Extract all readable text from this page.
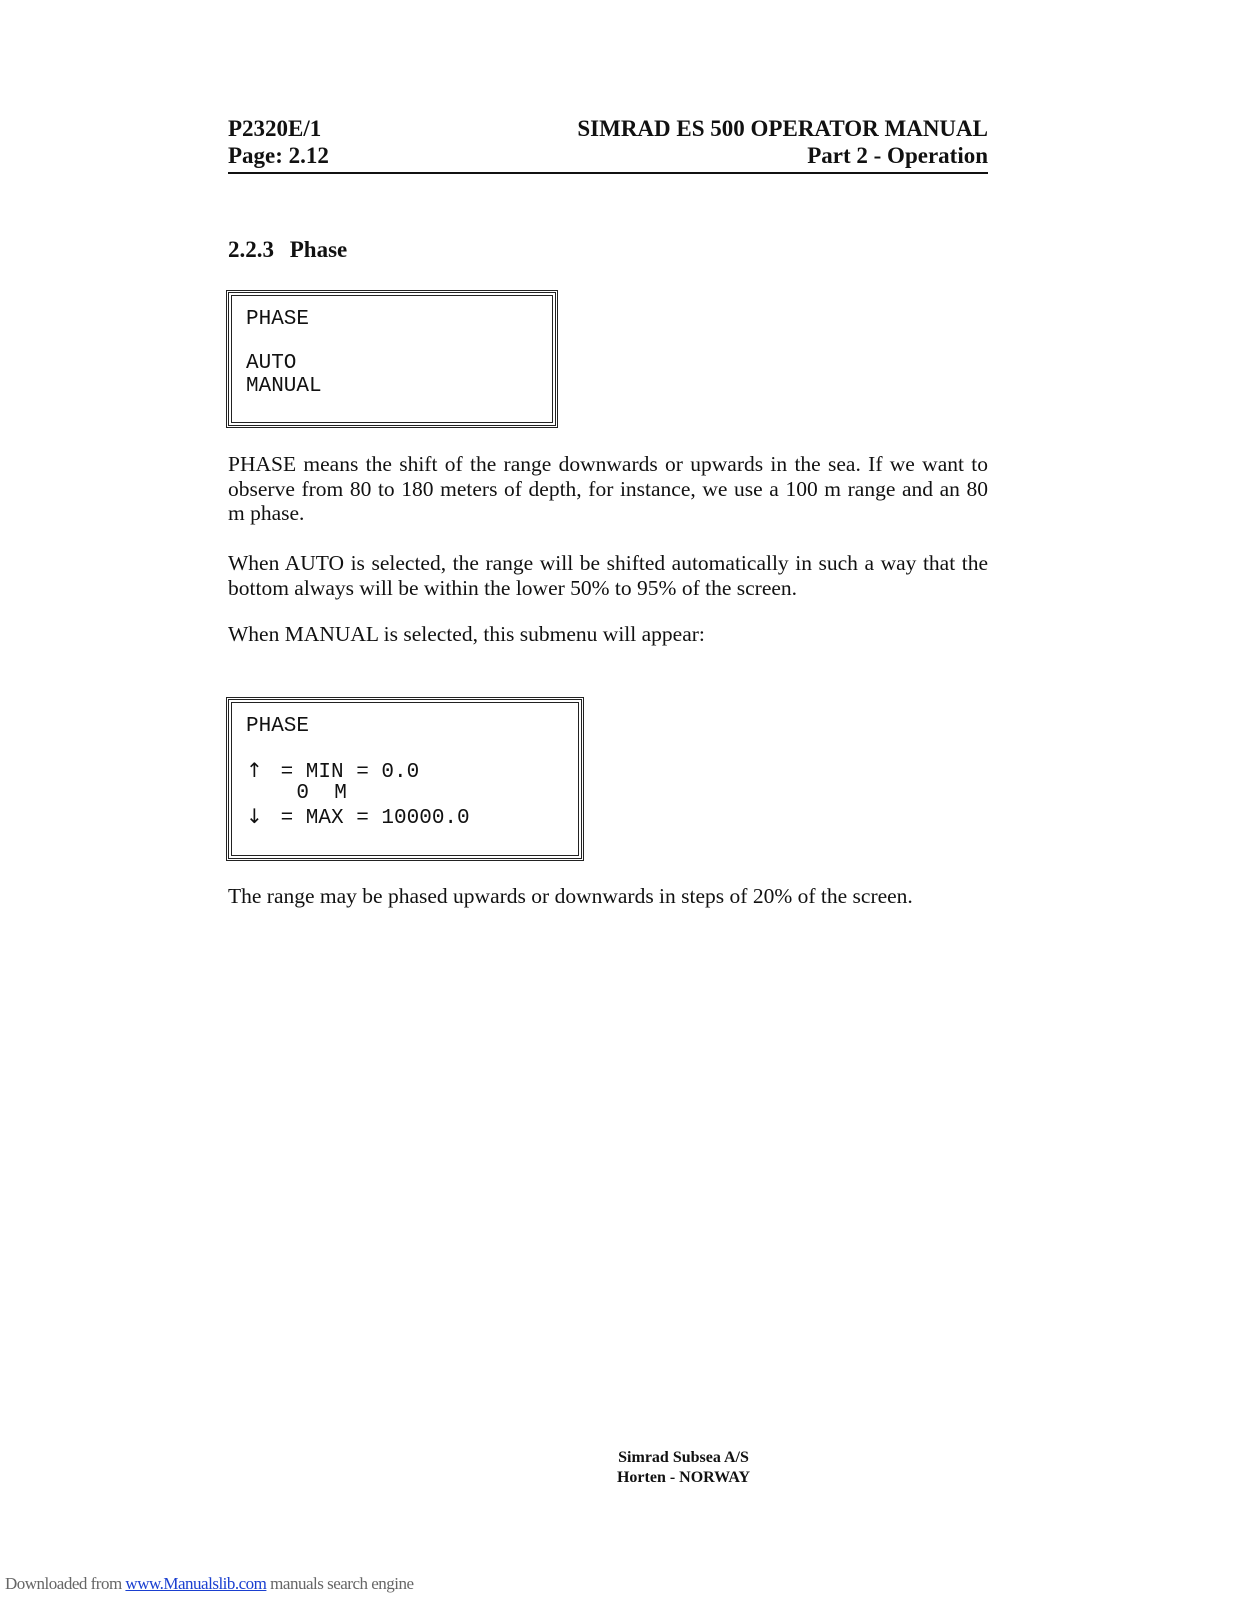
P2320E/1	SIMRAD ES 500 OPERATOR MANUAL
Page: 2.12	Part 2 - Operation
2.2.3 Phase
PHASE
AUTO
MANUAL
PHASE means the shift of the range downwards or upwards in the sea. If we want to observe from 80 to 180 meters of depth, for instance, we use a 100 m range and an 80 m phase.
When AUTO is selected, the range will be shifted automatically in such a way that the bottom always will be within the lower 50% to 95% of the screen.
When MANUAL is selected, this submenu will appear:
PHASE
↑ = MIN = 0.0
0  M
↓ = MAX = 10000.0
The range may be phased upwards or downwards in steps of 20% of the screen.
Simrad Subsea A/S
Horten - NORWAY
Downloaded from www.Manualslib.com manuals search engine
